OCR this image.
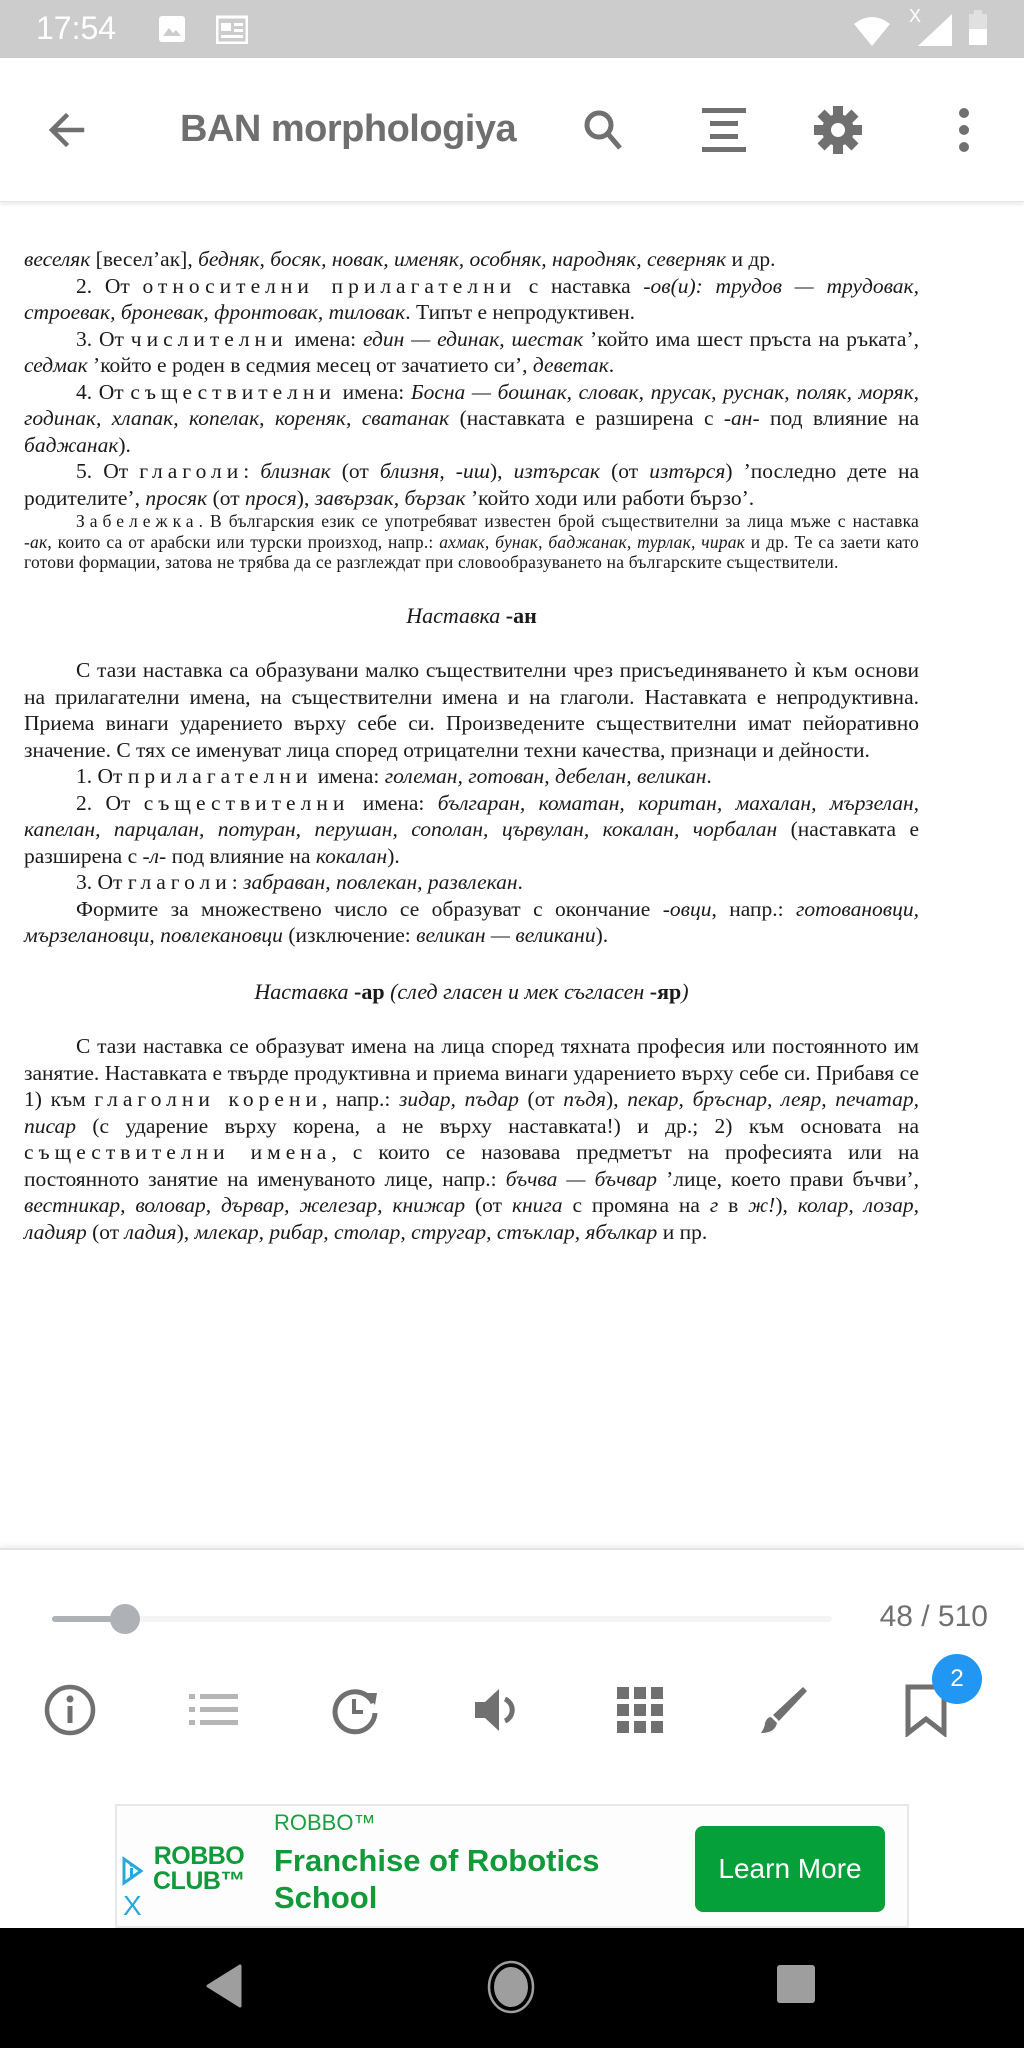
17:54	X
BAN morphologiya

веселяк [весел’ак], бедняк, босяк, новак, именяк, особняк, народняк, северняк и др.

2. От относителни прилагателни с наставка -ов(и): трудов — трудовак, строевак, броневак, фронтовак, тиловак. Типът е непродуктивен.

3. От числителни имена: един — единак, шестак ’който има шест пръста на ръката’, седмак ’който е роден в седмия месец от зачатието си’, деветак.

4. От съществителни имена: Босна — бошнак, словак, прусак, руснак, поляк, моряк, годинак, хлапак, копелак, кореняк, сватанак (наставката е разширена с -ан- под влияние на баджанак).

5. От глаголи: близнак (от близня, -иш), изтърсак (от изтърся) ’последно дете на родителите’, просяк (от прося), завързак, бързак ’който ходи или работи бързо’.

Забележка. В българския език се употребяват известен брой съществителни за лица мъже с наставка -ак, които са от арабски или турски произход, напр.: ахмак, бунак, баджанак, турлак, чирак и др. Те са заети като готови формации, затова не трябва да се разглеждат при словообразуването на българските съществители.

Наставка -ан

С тази наставка са образувани малко съществителни чрез присъединяването ѝ към основи на прилагателни имена, на съществителни имена и на глаголи. Наставката е непродуктивна. Приема винаги ударението върху себе си. Произведените съществителни имат пейоративно значение. С тях се именуват лица според отрицателни техни качества, признаци и дейности.

1. От прилагателни имена: големан, готован, дебелан, великан.

2. От съществителни имена: българан, коматан, коритан, махалан, мързелан, капелан, парцалан, потуран, перушан, сополан, цървулан, кокалан, чорбалан (наставката е разширена с -л- под влияние на кокалан).

3. От глаголи: забраван, повлекан, развлекан.

Формите за множествено число се образуват с окончание -овци, напр.: готовановци, мързелановци, повлекановци (изключение: великан — великани).

Наставка -ар (след гласен и мек съгласен -яр)

С тази наставка се образуват имена на лица според тяхната професия или постоянното им занятие. Наставката е твърде продуктивна и приема винаги ударението върху себе си. Прибавя се 1) към глаголни корени, напр.: зидар, пъдар (от пъдя), пекар, бръснар, леяр, печатар, писар (с ударение върху корена, а не върху наставката!) и др.; 2) към основата на съществителни имена, с които се назовава предметът на професията или на постоянното занятие на именуваното лице, напр.: бъчва — бъчвар ’лице, което прави бъчви’, вестникар, воловар, дървар, железар, книжар (от книга с промяна на г в ж!), колар, лозар, ладияр (от ладия), млекар, рибар, столар, стругар, стъклар, ябълкар и пр.

48 / 510
2
X
ROBBO
CLUB™
ROBBO™
Franchise of Robotics School
Learn More
